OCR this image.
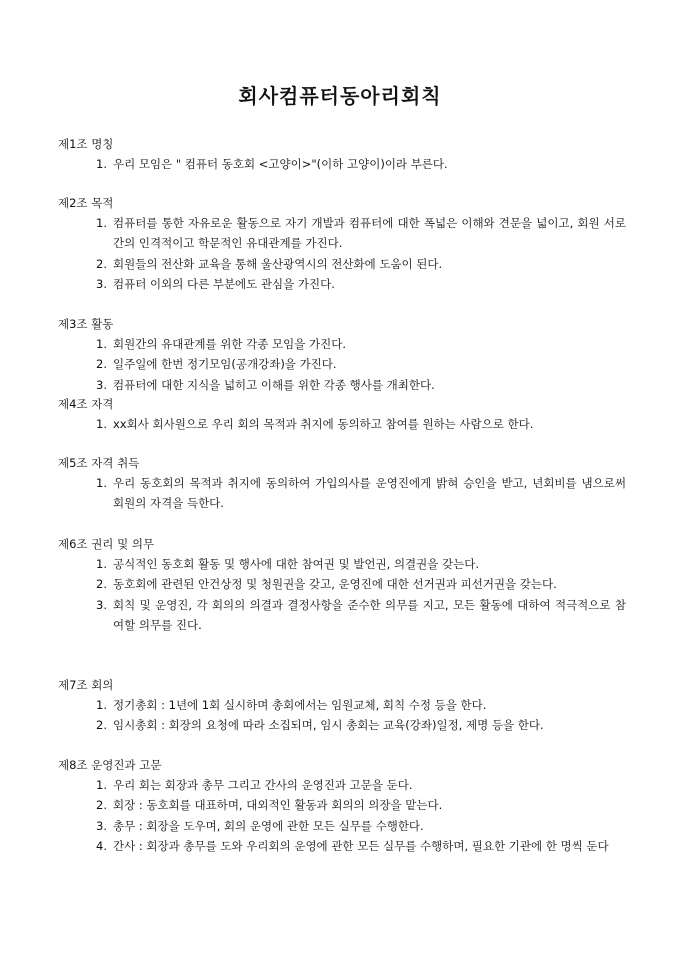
회사컴퓨터동아리회칙
제1조 명칭
1. 우리 모임은 " 컴퓨터 동호회 <고양이>"(이하 고양이)이라 부른다.
제2조 목적
1. 컴퓨터를 통한 자유로운 활동으로 자기 개발과 컴퓨터에 대한 폭넓은 이해와 견문을 넓이고, 회원 서로간의 인격적이고 학문적인 유대관계를 가진다.
2. 회원들의 전산화 교육을 통해 울산광역시의 전산화에 도움이 된다.
3. 컴퓨터 이외의 다른 부분에도 관심을 가진다.
제3조 활동
1. 회원간의 유대관계를 위한 각종 모임을 가진다.
2. 일주일에 한번 정기모임(공개강좌)을 가진다.
3. 컴퓨터에 대한 지식을 넓히고 이해를 위한 각종 행사를 개최한다.
제4조 자격
1. xx회사 회사원으로 우리 회의 목적과 취지에 동의하고 참여를 원하는 사람으로 한다.
제5조 자격 취득
1. 우리 동호회의 목적과 취지에 동의하여 가입의사를 운영진에게 밝혀 승인을 받고, 년회비를 냄으로써 회원의 자격을 득한다.
제6조 권리 및 의무
1. 공식적인 동호회 활동 및 행사에 대한 참여권 및 발언권, 의결권을 갖는다.
2. 동호회에 관련된 안건상정 및 청원권을 갖고, 운영진에 대한 선거권과 피선거권을 갖는다.
3. 회칙 및 운영진, 각 회의의 의결과 결정사항을 준수한 의무를 지고, 모든 활동에 대하여 적극적으로 참여할 의무를 진다.
제7조 회의
1. 정기총회 : 1년에 1회 실시하며 총회에서는 임원교체, 회칙 수정 등을 한다.
2. 임시총회 : 회장의 요청에 따라 소집되며, 임시 총회는 교육(강좌)일정, 제명 등을 한다.
제8조 운영진과 고문
1. 우리 회는 회장과 총무 그리고 간사의 운영진과 고문을 둔다.
2. 회장 : 동호회를 대표하며, 대외적인 활동과 회의의 의장을 맡는다.
3. 총무 : 회장을 도우며, 회의 운영에 관한 모든 실무를 수행한다.
4. 간사 : 회장과 총무를 도와 우리회의 운영에 관한 모든 실무를 수행하며, 필요한 기관에 한 명씩 둔다
